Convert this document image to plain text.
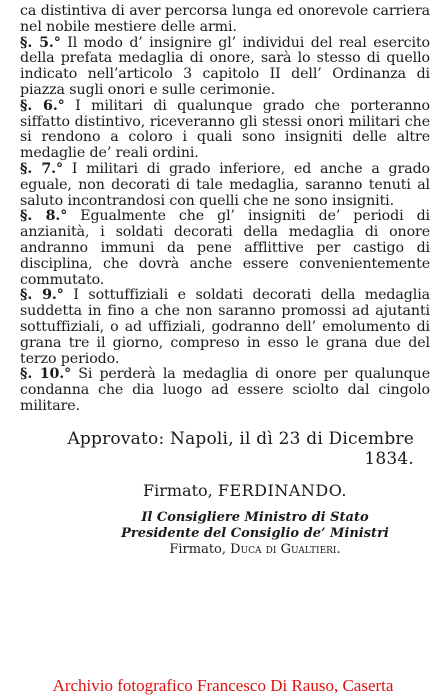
ca distintiva di aver percorsa lunga ed onorevole carriera nel nobile mestiere delle armi.

§. 5.° Il modo d’ insignire gl’ individui del real esercito della prefata medaglia di onore, sarà lo stesso di quello indicato nell’articolo 3 capitolo II dell’ Ordinanza di piazza sugli onori e sulle cerimonie.

§. 6.° I militari di qualunque grado che porteranno siffatto distintivo, riceveranno gli stessi onori militari che si rendono a coloro i quali sono insigniti delle altre medaglie de’ reali ordini.

§. 7.° I militari di grado inferiore, ed anche a grado eguale, non decorati di tale medaglia, saranno tenuti al saluto incontrandosi con quelli che ne sono insigniti.

§. 8.° Egualmente che gl’ insigniti de’ periodi di anzianità, i soldati decorati della medaglia di onore andranno immuni da pene afflittive per castigo di disciplina, che dovrà anche essere convenientemente commutato.

§. 9.° I sottuffiziali e soldati decorati della medaglia suddetta in fino a che non saranno promossi ad ajutanti sottuffiziali, o ad uffiziali, godranno dell’ emolumento di grana tre il giorno, compreso in esso le grana due del terzo periodo.

§. 10.° Si perderà la medaglia di onore per qualunque condanna che dia luogo ad essere sciolto dal cingolo militare.

Approvato: Napoli, il dì 23 di Dicembre 1834.
Firmato, FERDINANDO.
Il Consigliere Ministro di Stato
Presidente del Consiglio de’ Ministri
Firmato, Duca di Gualtieri.
Archivio fotografico Francesco Di Rauso, Caserta
